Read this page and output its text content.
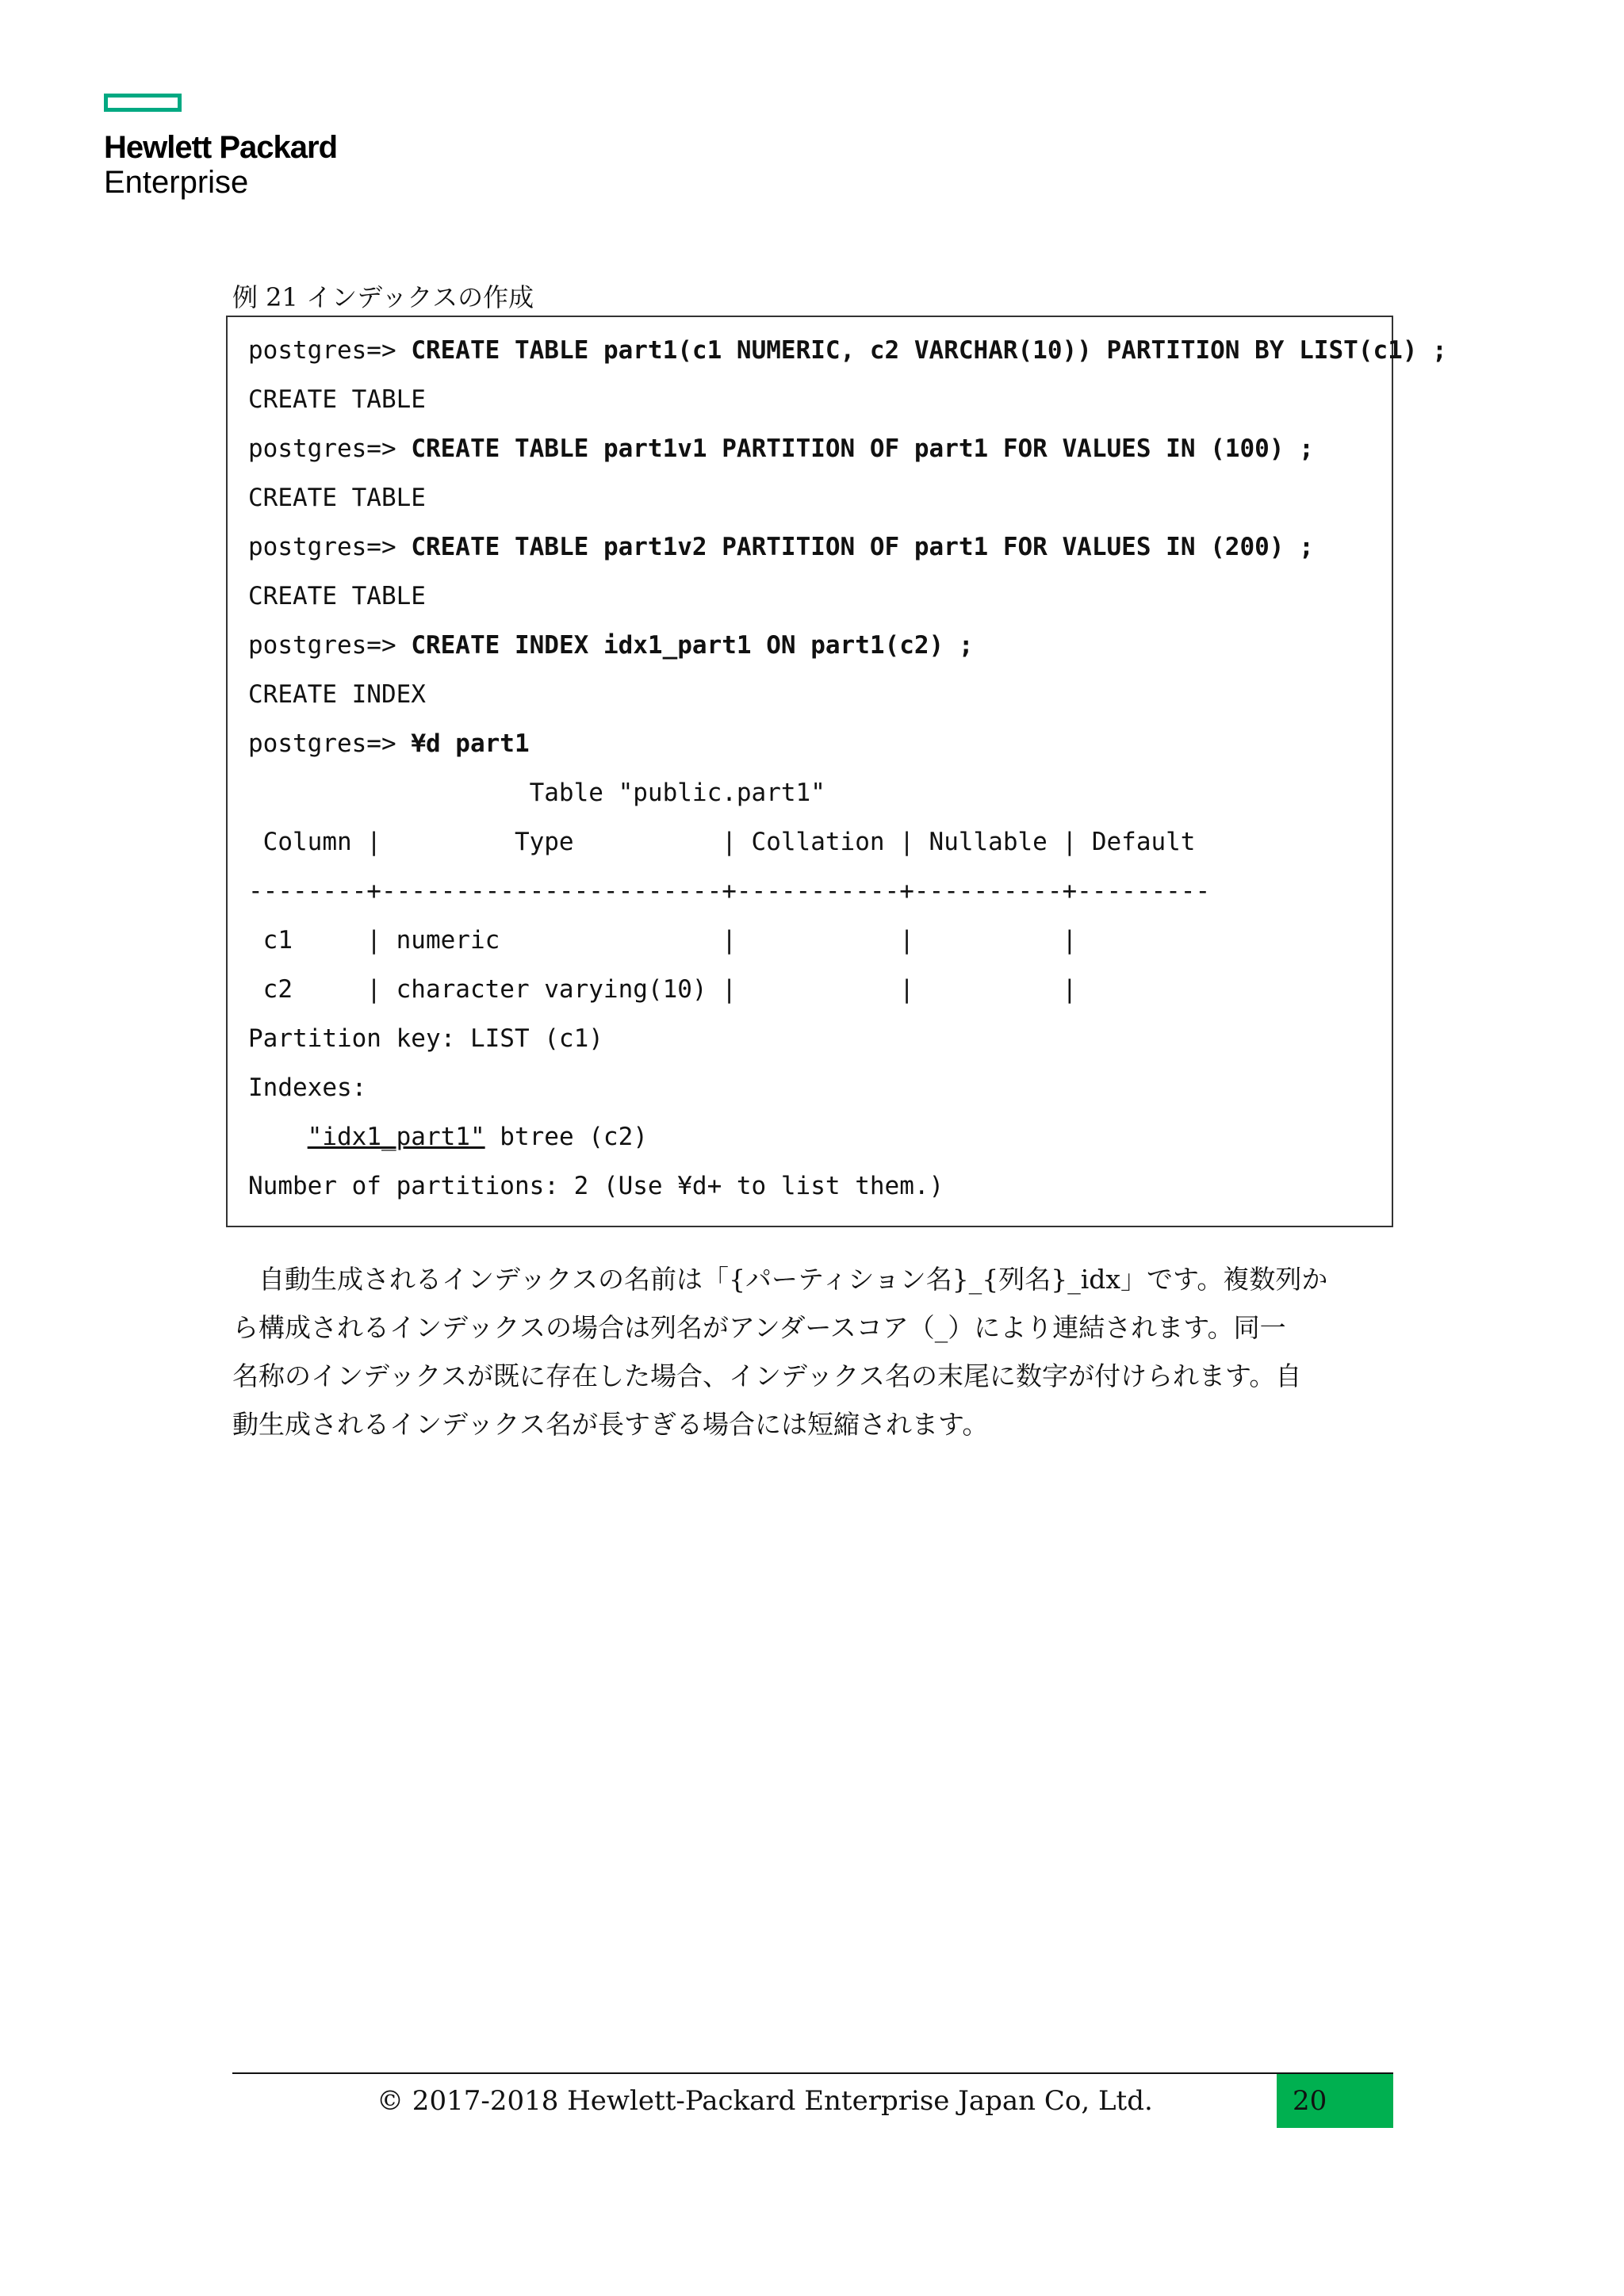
Hewlett Packard
Enterprise
例 21 インデックスの作成
postgres=> CREATE TABLE part1(c1 NUMERIC, c2 VARCHAR(10)) PARTITION BY LIST(c1) ;
CREATE TABLE
postgres=> CREATE TABLE part1v1 PARTITION OF part1 FOR VALUES IN (100) ;
CREATE TABLE
postgres=> CREATE TABLE part1v2 PARTITION OF part1 FOR VALUES IN (200) ;
CREATE TABLE
postgres=> CREATE INDEX idx1_part1 ON part1(c2) ;
CREATE INDEX
postgres=> ¥d part1
Table "public.part1"
Column |         Type          | Collation | Nullable | Default
--------+-----------------------+-----------+----------+---------
c1     | numeric               |           |          |
c2     | character varying(10) |           |          |
Partition key: LIST (c1)
Indexes:
"idx1_part1" btree (c2)
Number of partitions: 2 (Use ¥d+ to list them.)
　自動生成されるインデックスの名前は「{パーティション名}_{列名}_idx」です。複数列か
ら構成されるインデックスの場合は列名がアンダースコア（_）により連結されます。同一
名称のインデックスが既に存在した場合、インデックス名の末尾に数字が付けられます。自
動生成されるインデックス名が長すぎる場合には短縮されます。
© 2017-2018 Hewlett-Packard Enterprise Japan Co, Ltd.	20
